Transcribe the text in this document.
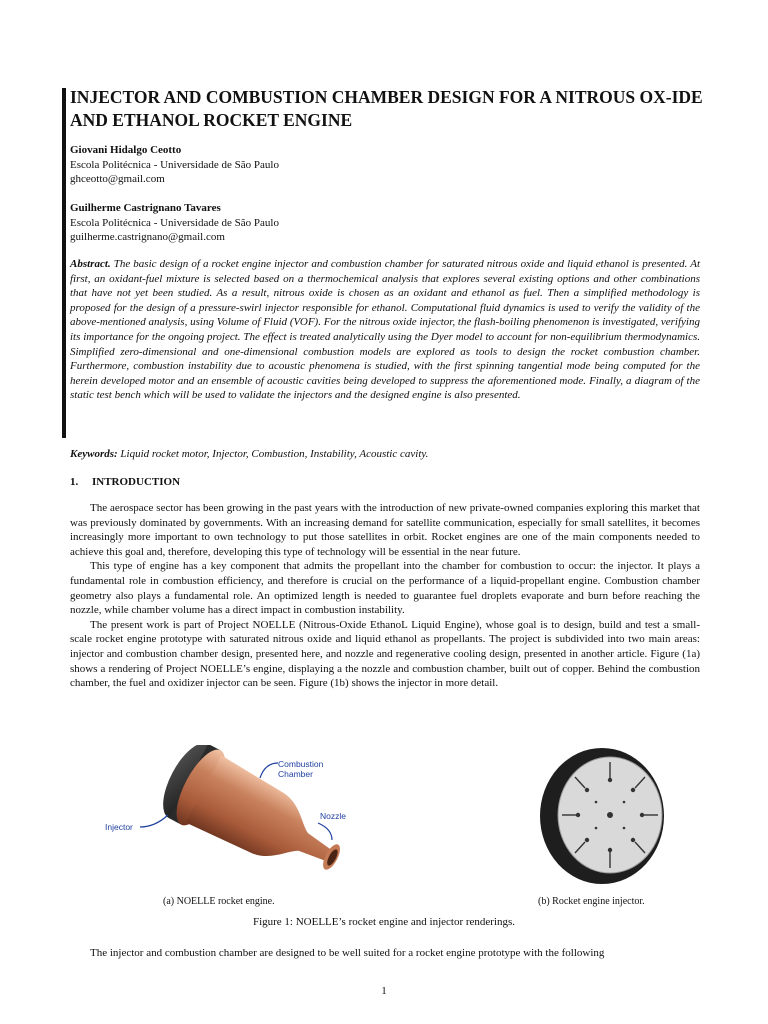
INJECTOR AND COMBUSTION CHAMBER DESIGN FOR A NITROUS OX-IDE AND ETHANOL ROCKET ENGINE
Giovani Hidalgo Ceotto
Escola Politécnica - Universidade de São Paulo
ghceotto@gmail.com
Guilherme Castrignano Tavares
Escola Politécnica - Universidade de São Paulo
guilherme.castrignano@gmail.com

Abstract. The basic design of a rocket engine injector and combustion chamber for saturated nitrous oxide and liquid ethanol is presented. At first, an oxidant-fuel mixture is selected based on a thermochemical analysis that explores several existing options and other combinations that have not yet been studied. As a result, nitrous oxide is chosen as an oxidant and ethanol as fuel. Then a simplified methodology is proposed for the design of a pressure-swirl injector responsible for ethanol. Computational fluid dynamics is used to verify the validity of the above-mentioned analysis, using Volume of Fluid (VOF). For the nitrous oxide injector, the flash-boiling phenomenon is investigated, verifying its importance for the ongoing project. The effect is treated analytically using the Dyer model to account for non-equilibrium thermodynamics. Simplified zero-dimensional and one-dimensional combustion models are explored as tools to design the rocket combustion chamber. Furthermore, combustion instability due to acoustic phenomena is studied, with the first spinning tangential mode being computed for the herein developed motor and an ensemble of acoustic cavities being developed to suppress the aforementioned mode. Finally, a diagram of the static test bench which will be used to validate the injectors and the designed engine is also presented.

Keywords: Liquid rocket motor, Injector, Combustion, Instability, Acoustic cavity.

1. INTRODUCTION

The aerospace sector has been growing in the past years with the introduction of new private-owned companies exploring this market that was previously dominated by governments. With an increasing demand for satellite communication, especially for small satellites, it becomes increasingly more important to own technology to put those satellites in orbit. Rocket engines are one of the main components needed to achieve this goal and, therefore, developing this type of technology will be essential in the near future.

This type of engine has a key component that admits the propellant into the chamber for combustion to occur: the injector. It plays a fundamental role in combustion efficiency, and therefore is crucial on the performance of a liquid-propellant engine. Combustion chamber geometry also plays a fundamental role. An optimized length is needed to guarantee fuel droplets evaporate and burn before reaching the nozzle, while chamber volume has a direct impact in combustion instability.

The present work is part of Project NOELLE (Nitrous-Oxide EthanoL Liquid Engine), whose goal is to design, build and test a small-scale rocket engine prototype with saturated nitrous oxide and liquid ethanol as propellants. The project is subdivided into two main areas: injector and combustion chamber design, presented here, and nozzle and regenerative cooling design, presented in another article. Figure (1a) shows a rendering of Project NOELLE’s engine, displaying a the nozzle and combustion chamber, built out of copper. Behind the combustion chamber, the fuel and oxidizer injector can be seen. Figure (1b) shows the injector in more detail.

Combustion
Chamber
Nozzle
Injector
(a) NOELLE rocket engine.	(b) Rocket engine injector.
Figure 1: NOELLE’s rocket engine and injector renderings.

The injector and combustion chamber are designed to be well suited for a rocket engine prototype with the following

1
